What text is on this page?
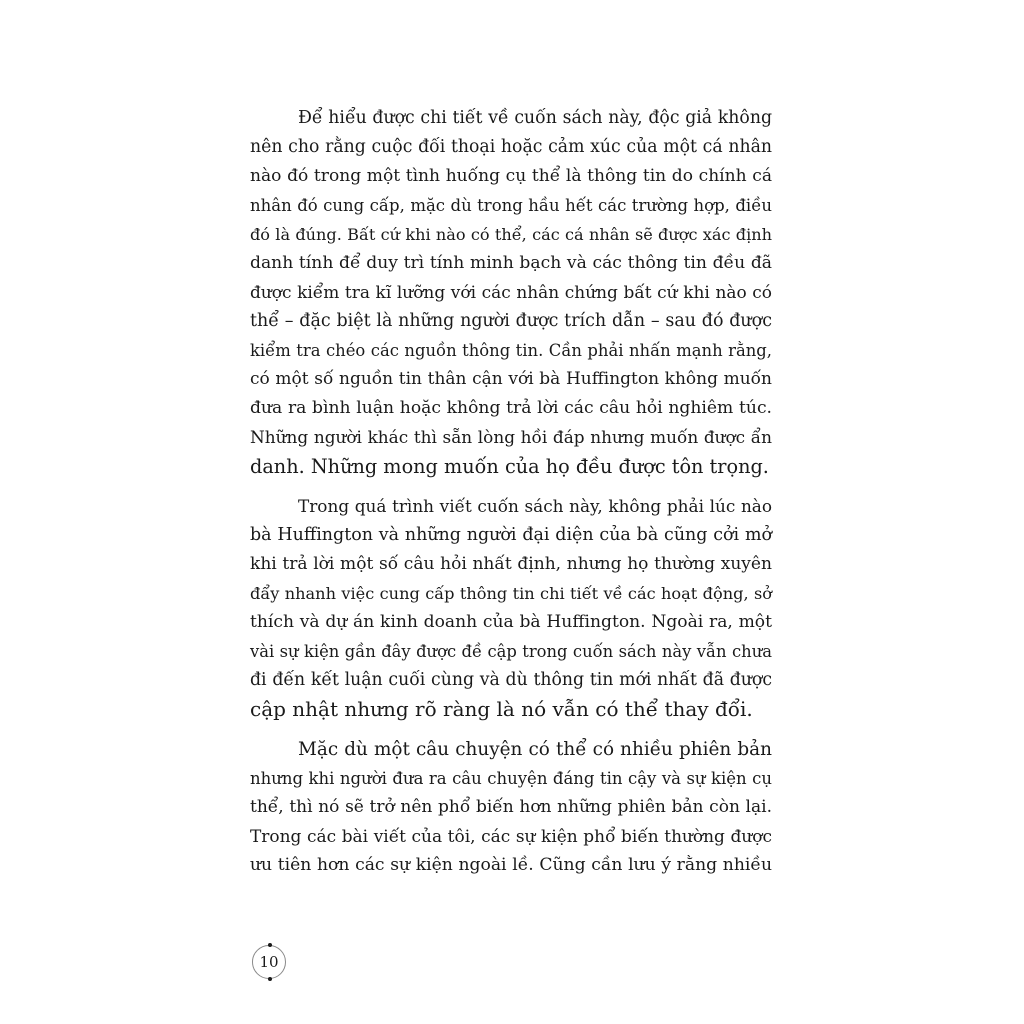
Để hiểu được chi tiết về cuốn sách này, độc giả không
nên cho rằng cuộc đối thoại hoặc cảm xúc của một cá nhân
nào đó trong một tình huống cụ thể là thông tin do chính cá
nhân đó cung cấp, mặc dù trong hầu hết các trường hợp, điều
đó là đúng. Bất cứ khi nào có thể, các cá nhân sẽ được xác định
danh tính để duy trì tính minh bạch và các thông tin đều đã
được kiểm tra kĩ lưỡng với các nhân chứng bất cứ khi nào có
thể – đặc biệt là những người được trích dẫn – sau đó được
kiểm tra chéo các nguồn thông tin. Cần phải nhấn mạnh rằng,
có một số nguồn tin thân cận với bà Huffington không muốn
đưa ra bình luận hoặc không trả lời các câu hỏi nghiêm túc.
Những người khác thì sẵn lòng hồi đáp nhưng muốn được ẩn
danh. Những mong muốn của họ đều được tôn trọng.
Trong quá trình viết cuốn sách này, không phải lúc nào
bà Huffington và những người đại diện của bà cũng cởi mở
khi trả lời một số câu hỏi nhất định, nhưng họ thường xuyên
đẩy nhanh việc cung cấp thông tin chi tiết về các hoạt động, sở
thích và dự án kinh doanh của bà Huffington. Ngoài ra, một
vài sự kiện gần đây được đề cập trong cuốn sách này vẫn chưa
đi đến kết luận cuối cùng và dù thông tin mới nhất đã được
cập nhật nhưng rõ ràng là nó vẫn có thể thay đổi.
Mặc dù một câu chuyện có thể có nhiều phiên bản
nhưng khi người đưa ra câu chuyện đáng tin cậy và sự kiện cụ
thể, thì nó sẽ trở nên phổ biến hơn những phiên bản còn lại.
Trong các bài viết của tôi, các sự kiện phổ biến thường được
ưu tiên hơn các sự kiện ngoài lề. Cũng cần lưu ý rằng nhiều
10
